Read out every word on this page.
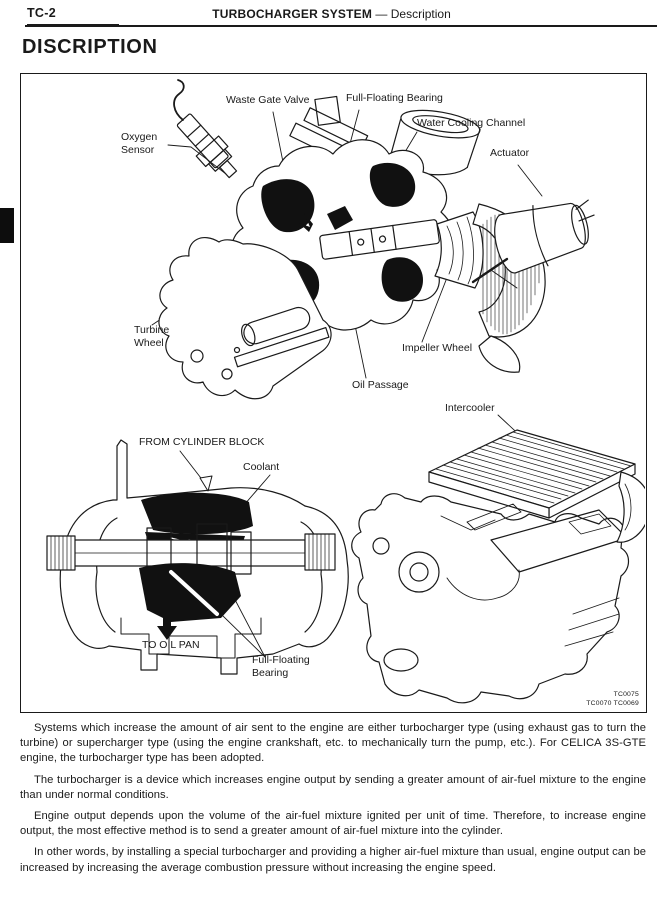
TC-2	TURBOCHARGER SYSTEM — Description
DISCRIPTION
Waste Gate Valve	Full-Floating Bearing
Water Cooling Channel
Oxygen
Sensor	Actuator
Turbine
Wheel	Impeller Wheel
Oil Passage
Intercooler
FROM CYLINDER BLOCK
Coolant
TO OIL PAN
Full-Floating
Bearing
TC0075
TC0070 TC0069

Systems which increase the amount of air sent to the engine are either turbocharger type (using exhaust gas to turn the turbine) or supercharger type (using the engine crankshaft, etc. to mechanically turn the pump, etc.). For CELICA 3S-GTE engine, the turbocharger type has been adopted.

The turbocharger is a device which increases engine output by sending a greater amount of air-fuel mixture to the engine than under normal conditions.

Engine output depends upon the volume of the air-fuel mixture ignited per unit of time. Therefore, to increase engine output, the most effective method is to send a greater amount of air-fuel mixture into the cylinder.

In other words, by installing a special turbocharger and providing a higher air-fuel mixture than usual, engine output can be increased by increasing the average combustion pressure without increasing the engine speed.
